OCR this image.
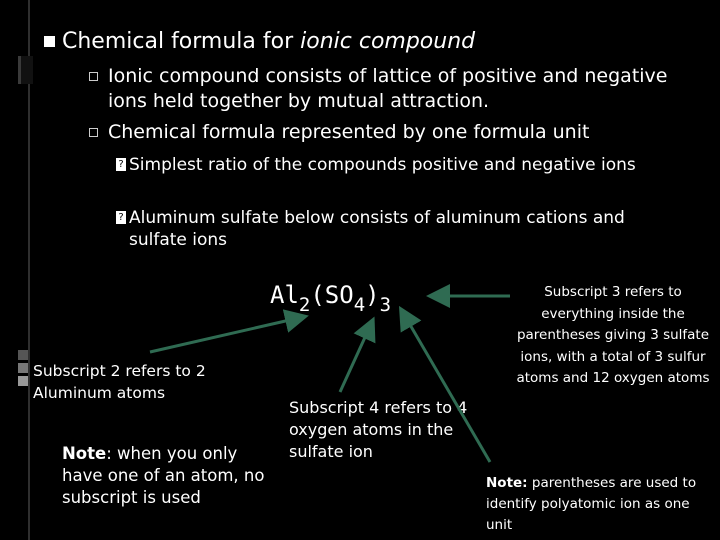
Chemical formula for ionic compound
Ionic compound consists of lattice of positive and negative ions held together by mutual attraction.
Chemical formula represented by one formula unit
? Simplest ratio of the compounds positive and negative ions
? Aluminum sulfate below consists of aluminum cations and sulfate ions
$Al_2(SO_4)_3$
Subscript 2 refers to 2 Aluminum atoms
Note: when you only have one of an atom, no subscript is used
Subscript 4 refers to 4 oxygen atoms in the sulfate ion
Subscript 3 refers to everything inside the parentheses giving 3 sulfate ions, with a total of 3 sulfur atoms and 12 oxygen atoms
Note: parentheses are used to identify polyatomic ion as one unit
